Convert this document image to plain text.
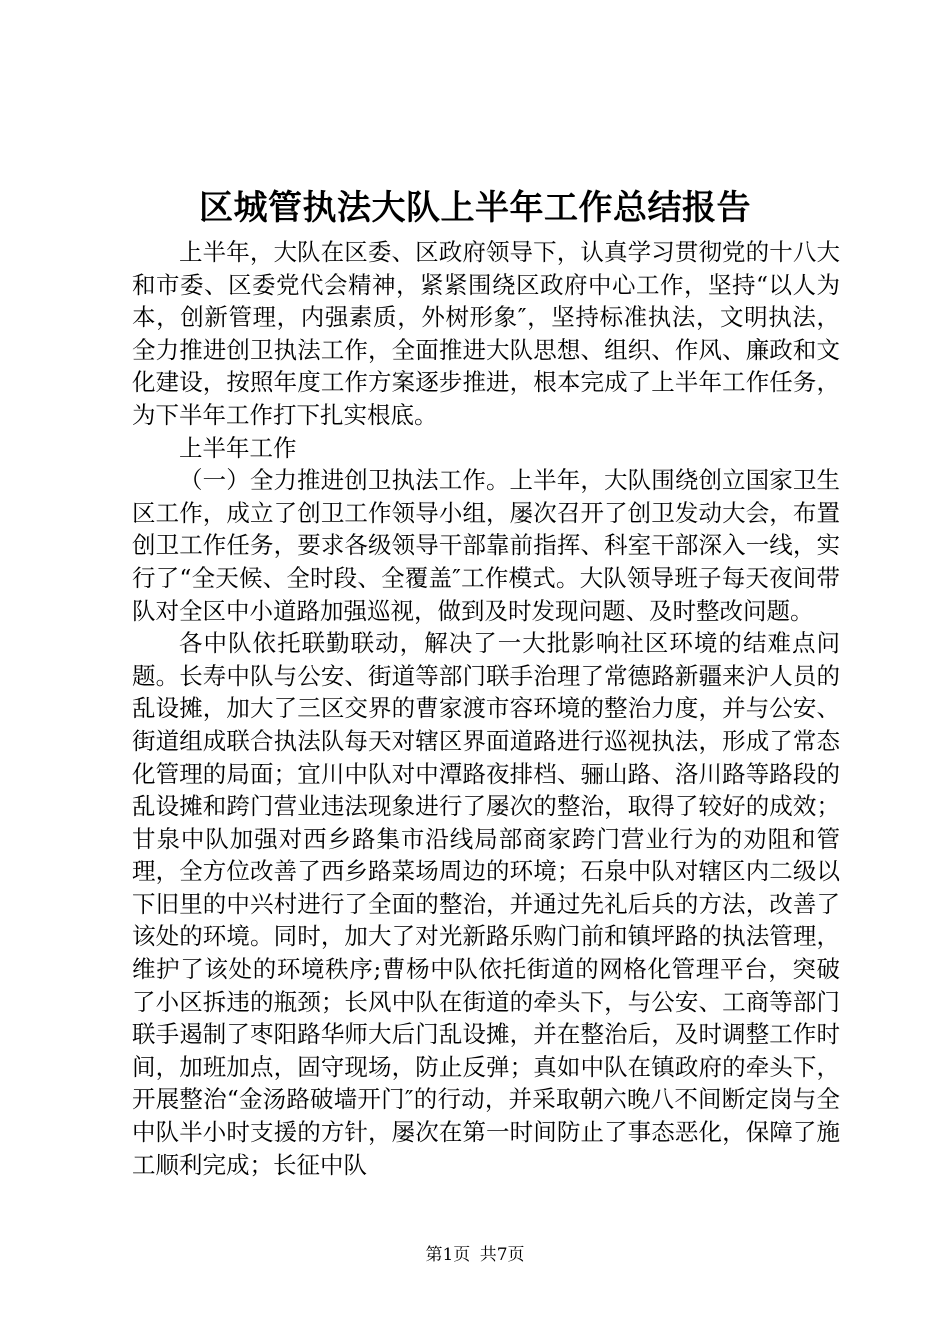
区城管执法大队上半年工作总结报告

上半年，大队在区委、区政府领导下，认真学习贯彻党的十八大和市委、区委党代会精神，紧紧围绕区政府中心工作，坚持“以人为本，创新管理，内强素质，外树形象″，坚持标准执法，文明执法，全力推进创卫执法工作，全面推进大队思想、组织、作风、廉政和文化建设，按照年度工作方案逐步推进，根本完成了上半年工作任务，为下半年工作打下扎实根底。

上半年工作

（一）全力推进创卫执法工作。上半年，大队围绕创立国家卫生区工作，成立了创卫工作领导小组，屡次召开了创卫发动大会，布置创卫工作任务，要求各级领导干部靠前指挥、科室干部深入一线，实行了“全天候、全时段、全覆盖″工作模式。大队领导班子每天夜间带队对全区中小道路加强巡视，做到及时发现问题、及时整改问题。

各中队依托联勤联动，解决了一大批影响社区环境的结难点问题。长寿中队与公安、街道等部门联手治理了常德路新疆来沪人员的乱设摊，加大了三区交界的曹家渡市容环境的整治力度，并与公安、街道组成联合执法队每天对辖区界面道路进行巡视执法，形成了常态化管理的局面；宜川中队对中潭路夜排档、骊山路、洛川路等路段的乱设摊和跨门营业违法现象进行了屡次的整治，取得了较好的成效；甘泉中队加强对西乡路集市沿线局部商家跨门营业行为的劝阻和管理，全方位改善了西乡路菜场周边的环境；石泉中队对辖区内二级以下旧里的中兴村进行了全面的整治，并通过先礼后兵的方法，改善了该处的环境。同时，加大了对光新路乐购门前和镇坪路的执法管理，维护了该处的环境秩序;曹杨中队依托街道的网格化管理平台，突破了小区拆违的瓶颈；长风中队在街道的牵头下，与公安、工商等部门联手遏制了枣阳路华师大后门乱设摊，并在整治后，及时调整工作时间，加班加点，固守现场，防止反弹；真如中队在镇政府的牵头下，开展整治“金汤路破墙开门″的行动，并采取朝六晚八不间断定岗与全中队半小时支援的方针，屡次在第一时间防止了事态恶化，保障了施工顺利完成；长征中队

第1页 共7页
